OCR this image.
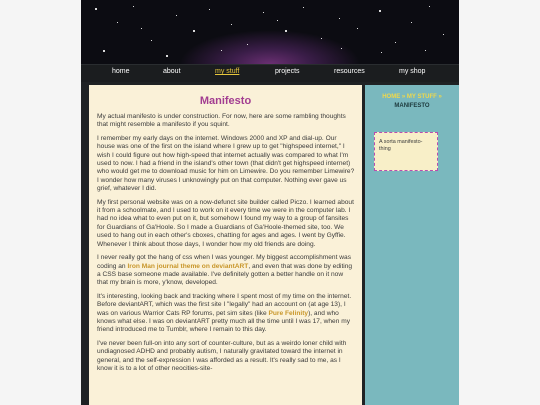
home	about	my stuff	projects	resources	my shop
Manifesto

My actual manifesto is under construction. For now, here are some rambling thoughts that might resemble a manifesto if you squint.

I remember my early days on the internet. Windows 2000 and XP and dial-up. Our house was one of the first on the island where I grew up to get "highspeed internet," I wish I could figure out how high-speed that internet actually was compared to what I'm used to now. I had a friend in the island's other town (that didn't get highspeed internet) who would get me to download music for him on Limewire. Do you remember Limewire? I wonder how many viruses I unknowingly put on that computer. Nothing ever gave us grief, whatever I did.

My first personal website was on a now-defunct site builder called Piczo. I learned about it from a schoolmate, and I used to work on it every time we were in the computer lab. I had no idea what to even put on it, but somehow I found my way to a group of fansites for Guardians of Ga'Hoole. So I made a Guardians of Ga'Hoole-themed site, too. We used to hang out in each other's cboxes, chatting for ages and ages. I went by Gyffie. Whenever I think about those days, I wonder how my old friends are doing.

I never really got the hang of css when I was younger. My biggest accomplishment was coding an Iron Man journal theme on deviantART, and even that was done by editing a CSS base someone made available. I've definitely gotten a better handle on it now that my brain is more, y'know, developed.

It's interesting, looking back and tracking where I spent most of my time on the internet. Before deviantART, which was the first site I "legally" had an account on (at age 13), I was on various Warrior Cats RP forums, pet sim sites (like Pure Felinity), and who knows what else. I was on deviantART pretty much all the time until I was 17, when my friend introduced me to Tumblr, where I remain to this day.

I've never been full-on into any sort of counter-culture, but as a weirdo loner child with undiagnosed ADHD and probably autism, I naturally gravitated toward the internet in general, and the self-expression I was afforded as a result. It's really sad to me, as I know it is to a lot of other neocities-site-

HOME » MY STUFF »
MANIFESTO
A sorta manifesto-thing
